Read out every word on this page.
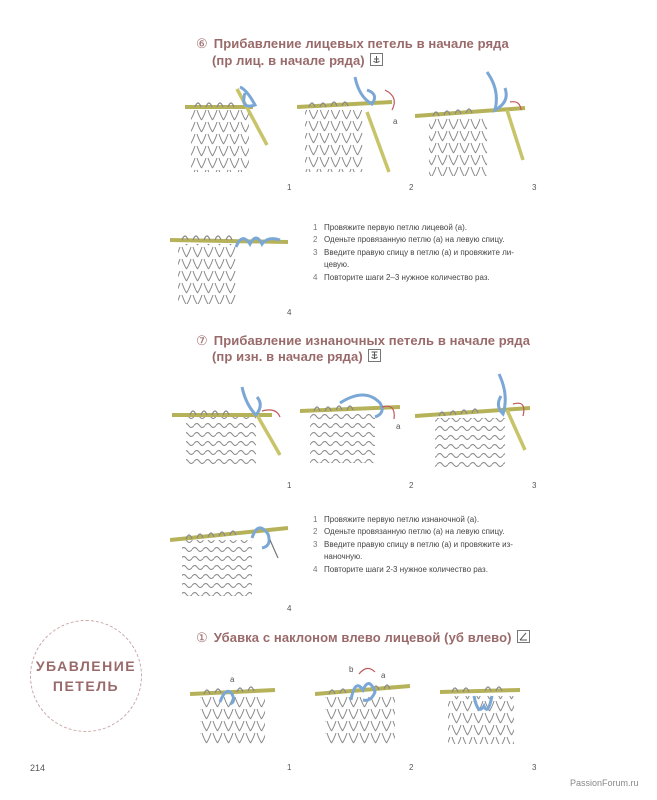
⑥ Прибавление лицевых петель в начале ряда
(пр лиц. в начале ряда)
1
a
2	3
4
1 Провяжите первую петлю лицевой (а).
2 Оденьте провязанную петлю (а) на левую спицу.
3 Введите правую спицу в петлю (а) и провяжите ли-
цевую.
4 Повторите шаги 2–3 нужное количество раз.
⑦ Прибавление изнаночных петель в начале ряда
(пр изн. в начале ряда)
1
a
2	3
4
1 Провяжите первую петлю изнаночной (а).
2 Оденьте провязанную петлю (а) на левую спицу.
3 Введите правую спицу в петлю (а) и провяжите из-
наночную.
4 Повторите шаги 2-3 нужное количество раз.
УБАВЛЕНИЕ
ПЕТЕЛЬ
① Убавка с наклоном влево лицевой (уб влево)
a
1
b
a
2	3
214
PassionForum.ru
